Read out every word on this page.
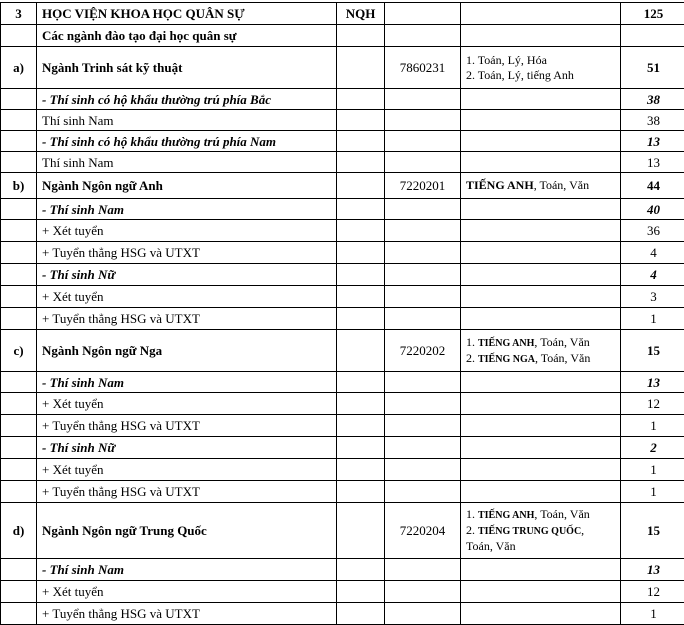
3	HỌC VIỆN KHOA HỌC QUÂN SỰ	NQH			125
	Các ngành đào tạo đại học quân sự				
a)	Ngành Trinh sát kỹ thuật		7860231	1. Toán, Lý, Hóa
2. Toán, Lý, tiếng Anh	51
	- Thí sinh có hộ khẩu thường trú phía Bắc				38
	Thí sinh Nam				38
	- Thí sinh có hộ khẩu thường trú phía Nam				13
	Thí sinh Nam				13
b)	Ngành Ngôn ngữ Anh		7220201	TIẾNG ANH, Toán, Văn	44
	- Thí sinh Nam				40
	+ Xét tuyển				36
	+ Tuyển thẳng HSG và UTXT				4
	- Thí sinh Nữ				4
	+ Xét tuyển				3
	+ Tuyển thẳng HSG và UTXT				1
c)	Ngành Ngôn ngữ Nga		7220202	1. TIẾNG ANH, Toán, Văn
2. TIẾNG NGA, Toán, Văn	15
	- Thí sinh Nam				13
	+ Xét tuyển				12
	+ Tuyển thẳng HSG và UTXT				1
	- Thí sinh Nữ				2
	+ Xét tuyển				1
	+ Tuyển thẳng HSG và UTXT				1
d)	Ngành Ngôn ngữ Trung Quốc		7220204	1. TIẾNG ANH, Toán, Văn
2. TIẾNG TRUNG QUỐC,
Toán, Văn	15
	- Thí sinh Nam				13
	+ Xét tuyển				12
	+ Tuyển thẳng HSG và UTXT				1
